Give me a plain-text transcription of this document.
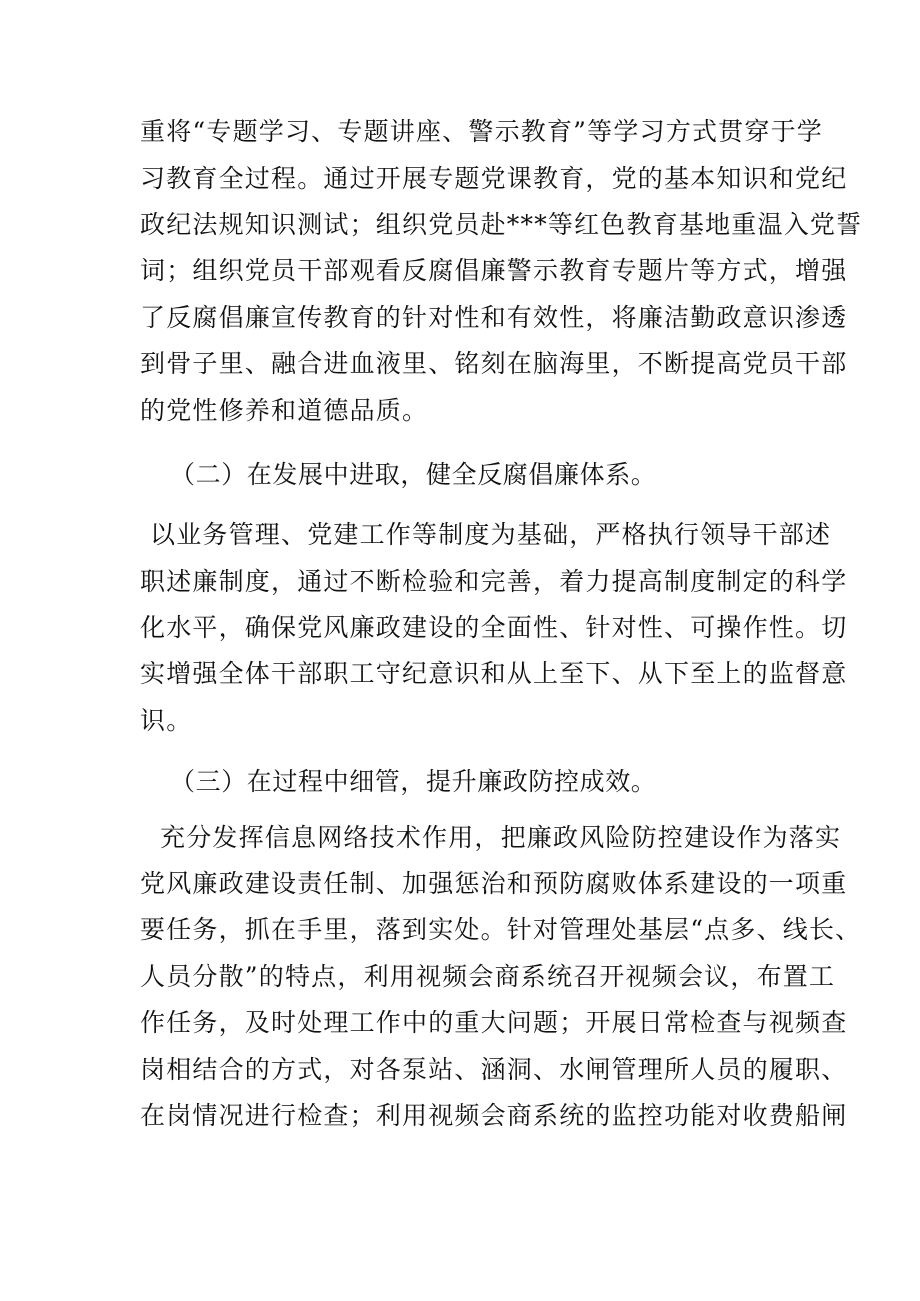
重将“专题学习、专题讲座、警示教育”等学习方式贯穿于学
习教育全过程。通过开展专题党课教育，党的基本知识和党纪
政纪法规知识测试；组织党员赴***等红色教育基地重温入党誓
词；组织党员干部观看反腐倡廉警示教育专题片等方式，增强
了反腐倡廉宣传教育的针对性和有效性，将廉洁勤政意识渗透
到骨子里、融合进血液里、铭刻在脑海里，不断提高党员干部
的党性修养和道德品质。
（二）在发展中进取，健全反腐倡廉体系。
以业务管理、党建工作等制度为基础，严格执行领导干部述
职述廉制度，通过不断检验和完善，着力提高制度制定的科学
化水平，确保党风廉政建设的全面性、针对性、可操作性。切
实增强全体干部职工守纪意识和从上至下、从下至上的监督意
识。
（三）在过程中细管，提升廉政防控成效。
充分发挥信息网络技术作用，把廉政风险防控建设作为落实
党风廉政建设责任制、加强惩治和预防腐败体系建设的一项重
要任务，抓在手里，落到实处。针对管理处基层“点多、线长、
人员分散”的特点，利用视频会商系统召开视频会议，布置工
作任务，及时处理工作中的重大问题；开展日常检查与视频查
岗相结合的方式，对各泵站、涵洞、水闸管理所人员的履职、
在岗情况进行检查；利用视频会商系统的监控功能对收费船闸
